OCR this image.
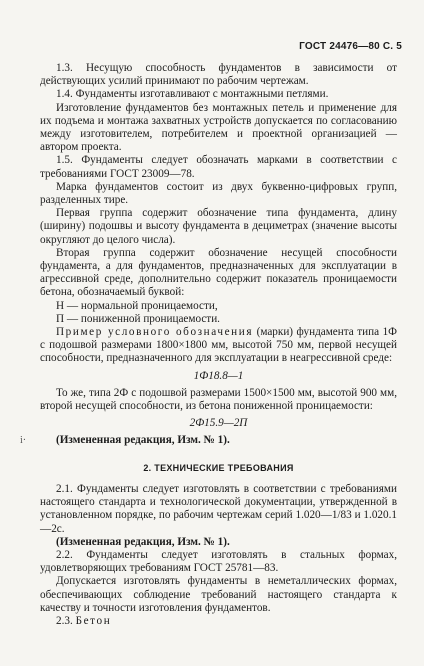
ГОСТ 24476—80 С. 5
i·

1.3. Несущую способность фундаментов в зависимости от действующих усилий принимают по рабочим чертежам.

1.4. Фундаменты изготавливают с монтажными петлями.

Изготовление фундаментов без монтажных петель и применение для их подъема и монтажа захватных устройств допускается по согласованию между изготовителем, потребителем и проектной организацией — автором проекта.

1.5. Фундаменты следует обозначать марками в соответствии с требованиями ГОСТ 23009—78.

Марка фундаментов состоит из двух буквенно-цифровых групп, разделенных тире.

Первая группа содержит обозначение типа фундамента, длину (ширину) подошвы и высоту фундамента в дециметрах (значение высоты округляют до целого числа).

Вторая группа содержит обозначение несущей способности фундамента, а для фундаментов, предназначенных для эксплуатации в агрессивной среде, дополнительно содержит показатель проницаемости бетона, обозначаемый буквой:

Н — нормальной проницаемости,

П — пониженной проницаемости.

Пример условного обозначения (марки) фундамента типа 1Ф с подошвой размерами 1800×1800 мм, высотой 750 мм, первой несущей способности, предназначенного для эксплуатации в неагрессивной среде:

1Ф18.8—1

То же, типа 2Ф с подошвой размерами 1500×1500 мм, высотой 900 мм, второй несущей способности, из бетона пониженной проницаемости:

2Ф15.9—2П

(Измененная редакция, Изм. № 1).

2. ТЕХНИЧЕСКИЕ ТРЕБОВАНИЯ

2.1. Фундаменты следует изготовлять в соответствии с требованиями настоящего стандарта и технологической документации, утвержденной в установленном порядке, по рабочим чертежам серий 1.020—1/83 и 1.020.1—2с.

(Измененная редакция, Изм. № 1).

2.2. Фундаменты следует изготовлять в стальных формах, удовлетворяющих требованиям ГОСТ 25781—83.

Допускается изготовлять фундаменты в неметаллических формах, обеспечивающих соблюдение требований настоящего стандарта к качеству и точности изготовления фундаментов.

2.3. Бетон
